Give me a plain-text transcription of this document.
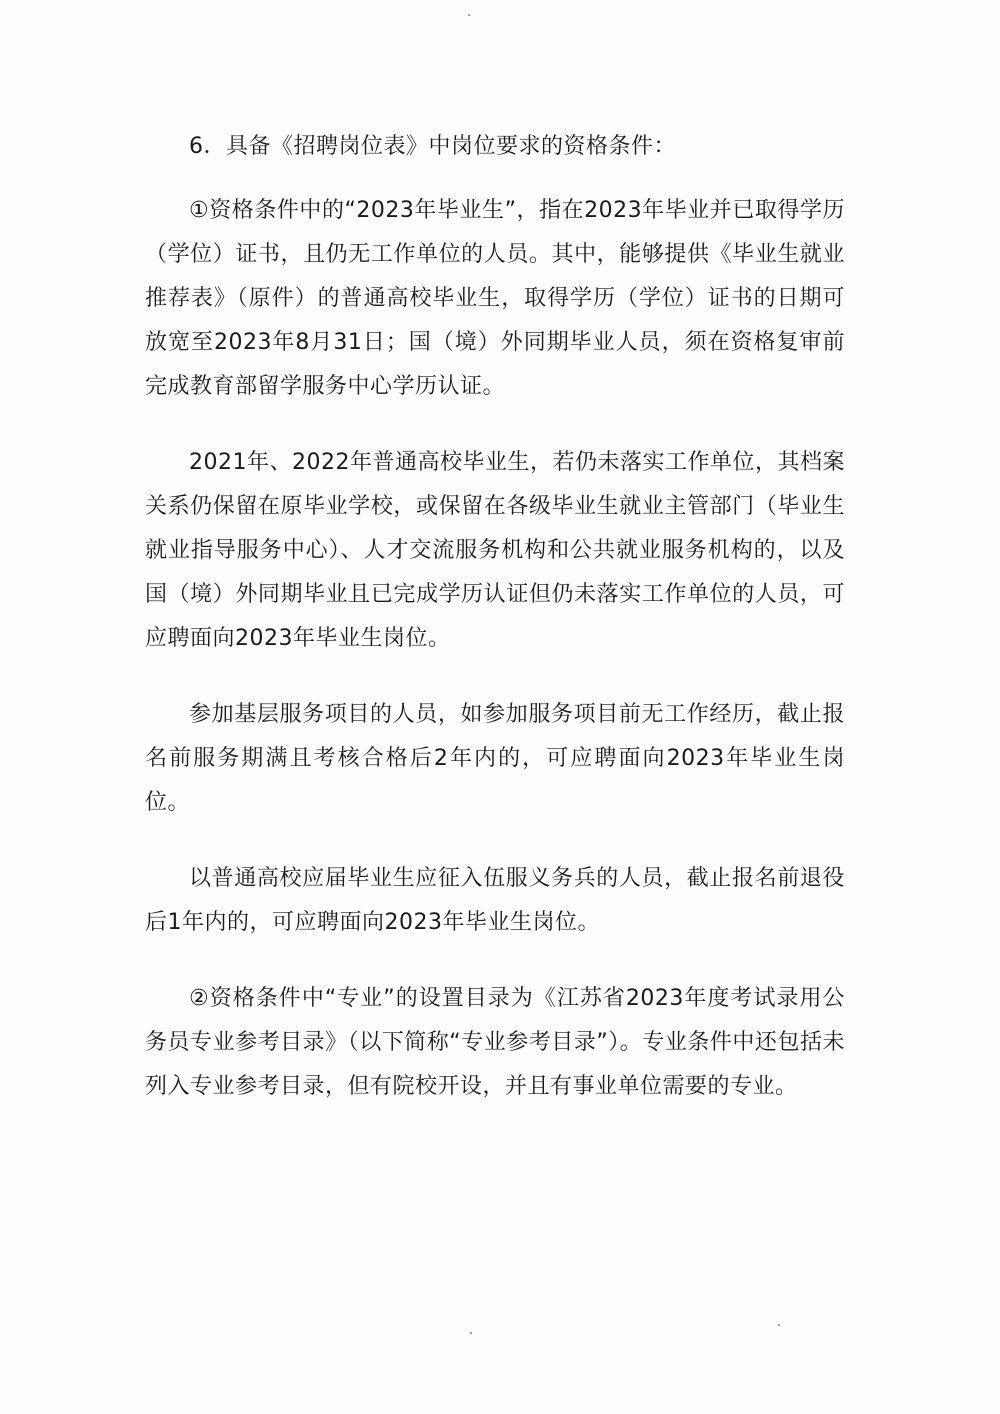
6．具备《招聘岗位表》中岗位要求的资格条件：

①资格条件中的“2023年毕业生”，指在2023年毕业并已取得学历（学位）证书，且仍无工作单位的人员。其中，能够提供《毕业生就业推荐表》（原件）的普通高校毕业生，取得学历（学位）证书的日期可放宽至2023年8月31日；国（境）外同期毕业人员，须在资格复审前完成教育部留学服务中心学历认证。

2021年、2022年普通高校毕业生，若仍未落实工作单位，其档案关系仍保留在原毕业学校，或保留在各级毕业生就业主管部门（毕业生就业指导服务中心）、人才交流服务机构和公共就业服务机构的，以及国（境）外同期毕业且已完成学历认证但仍未落实工作单位的人员，可应聘面向2023年毕业生岗位。

参加基层服务项目的人员，如参加服务项目前无工作经历，截止报名前服务期满且考核合格后2年内的，可应聘面向2023年毕业生岗位。

以普通高校应届毕业生应征入伍服义务兵的人员，截止报名前退役后1年内的，可应聘面向2023年毕业生岗位。

②资格条件中“专业”的设置目录为《江苏省2023年度考试录用公务员专业参考目录》（以下简称“专业参考目录”）。专业条件中还包括未列入专业参考目录，但有院校开设，并且有事业单位需要的专业。
